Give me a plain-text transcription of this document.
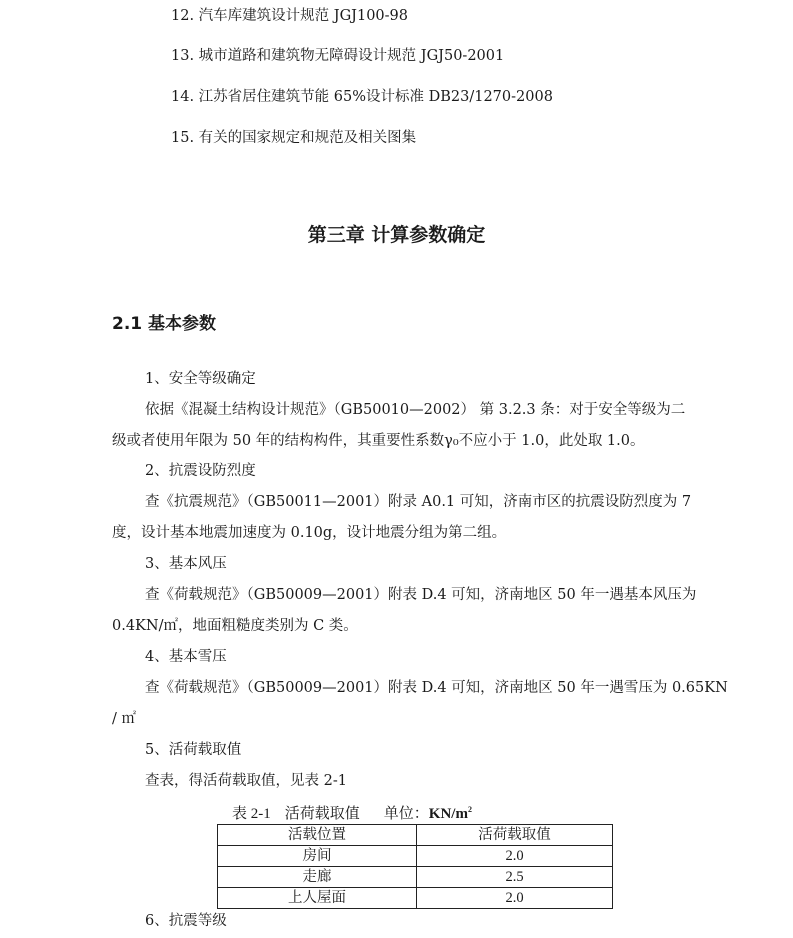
12. 汽车库建筑设计规范 JGJ100-98
13. 城市道路和建筑物无障碍设计规范 JGJ50-2001
14. 江苏省居住建筑节能 65%设计标准 DB23/1270-2008
15. 有关的国家规定和规范及相关图集
第三章 计算参数确定
2.1 基本参数
1、安全等级确定
依据《混凝土结构设计规范》（GB50010—2002） 第 3.2.3 条：对于安全等级为二
级或者使用年限为 50 年的结构构件，其重要性系数γ₀不应小于 1.0，此处取 1.0。
2、抗震设防烈度
查《抗震规范》（GB50011—2001）附录 A0.1 可知，济南市区的抗震设防烈度为 7
度，设计基本地震加速度为 0.10g，设计地震分组为第二组。
3、基本风压
查《荷载规范》（GB50009—2001）附表 D.4 可知，济南地区 50 年一遇基本风压为
0.4KN/㎡，地面粗糙度类别为 C 类。
4、基本雪压
查《荷载规范》（GB50009—2001）附表 D.4 可知，济南地区 50 年一遇雪压为 0.65KN
/ ㎡
5、活荷载取值
查表，得活荷载取值，见表 2-1
表 2-1 活荷载取值 单位：$KN/m^2$
活载位置	活荷载取值
房间	2.0
走廊	2.5
上人屋面	2.0
6、抗震等级
